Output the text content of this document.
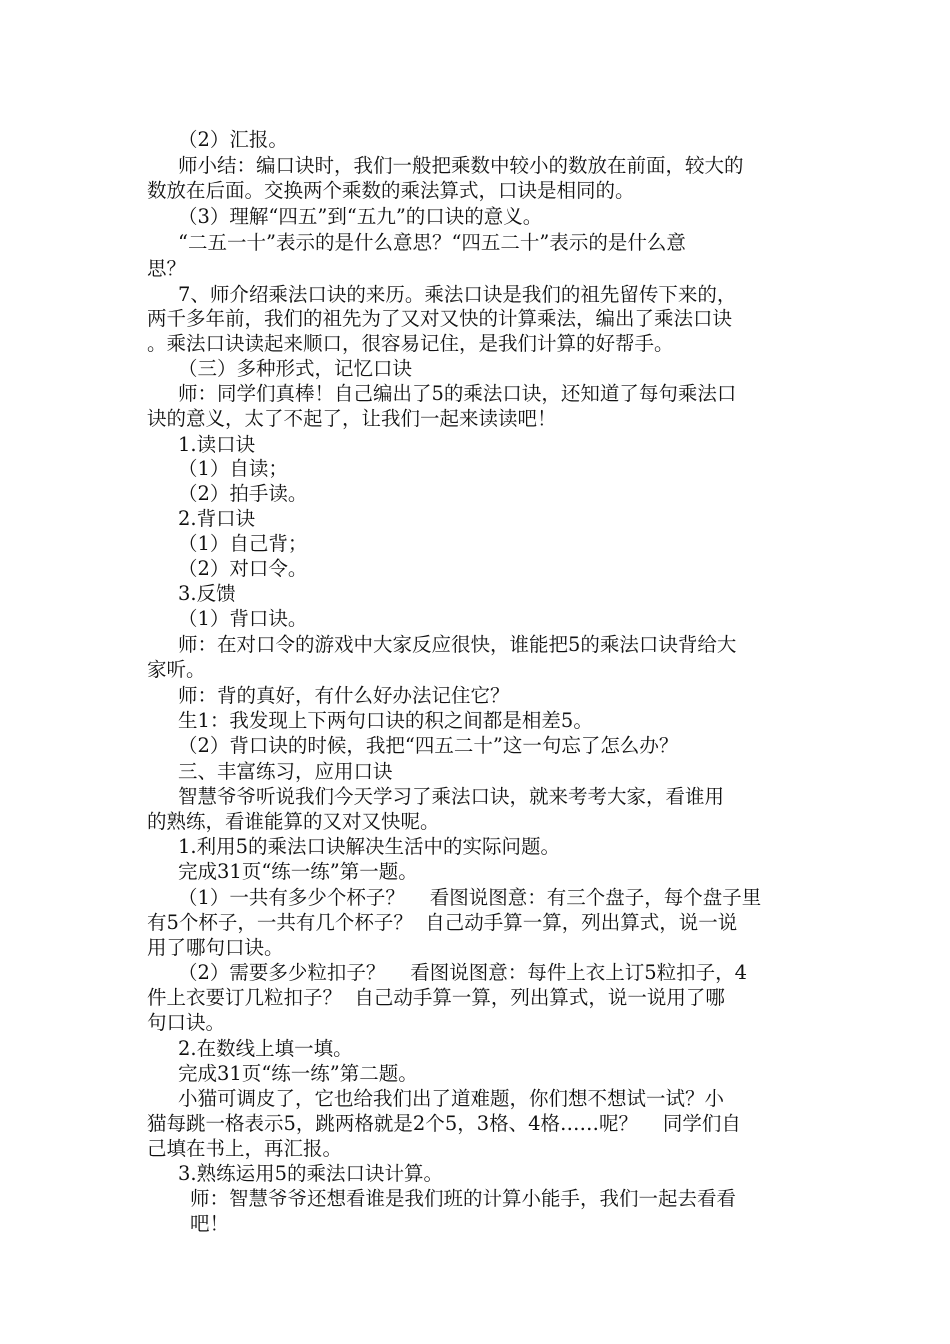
（2）汇报。
师小结：编口诀时，我们一般把乘数中较小的数放在前面，较大的
数放在后面。交换两个乘数的乘法算式，口诀是相同的。
（3）理解“四五”到“五九”的口诀的意义。
“二五一十”表示的是什么意思？“四五二十”表示的是什么意
思？
7、师介绍乘法口诀的来历。乘法口诀是我们的祖先留传下来的，
两千多年前，我们的祖先为了又对又快的计算乘法，编出了乘法口诀
。乘法口诀读起来顺口，很容易记住，是我们计算的好帮手。
（三）多种形式，记忆口诀
师：同学们真棒！自己编出了5的乘法口诀，还知道了每句乘法口
诀的意义，太了不起了，让我们一起来读读吧！
1.读口诀
（1）自读；
（2）拍手读。
2.背口诀
（1）自己背；
（2）对口令。
3.反馈
（1）背口诀。
师：在对口令的游戏中大家反应很快，谁能把5的乘法口诀背给大
家听。
师：背的真好，有什么好办法记住它？
生1：我发现上下两句口诀的积之间都是相差5。
（2）背口诀的时候，我把“四五二十”这一句忘了怎么办？
三、丰富练习，应用口诀
智慧爷爷听说我们今天学习了乘法口诀，就来考考大家，看谁用
的熟练，看谁能算的又对又快呢。
1.利用5的乘法口诀解决生活中的实际问题。
完成31页“练一练”第一题。
（1）一共有多少个杯子？    看图说图意：有三个盘子，每个盘子里
有5个杯子，一共有几个杯子？  自己动手算一算，列出算式，说一说
用了哪句口诀。
（2）需要多少粒扣子？    看图说图意：每件上衣上订5粒扣子，4
件上衣要订几粒扣子？  自己动手算一算，列出算式，说一说用了哪
句口诀。
2.在数线上填一填。
完成31页“练一练”第二题。
小猫可调皮了，它也给我们出了道难题，你们想不想试一试？小
猫每跳一格表示5，跳两格就是2个5，3格、4格……呢？    同学们自
己填在书上，再汇报。
3.熟练运用5的乘法口诀计算。
师：智慧爷爷还想看谁是我们班的计算小能手，我们一起去看看
吧！
